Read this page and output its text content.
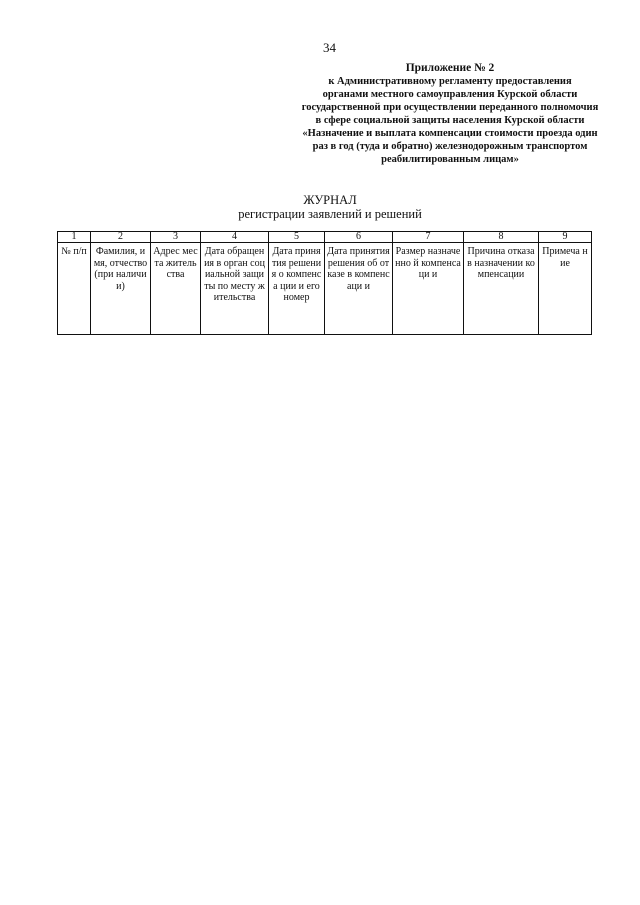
34
Приложение № 2
к Административному регламенту предоставления
органами местного самоуправления Курской области
государственной при осуществлении переданного полномочия
в сфере социальной защиты населения Курской области
«Назначение и выплата компенсации стоимости проезда один
раз в год (туда и обратно) железнодорожным транспортом
реабилитированным лицам»
ЖУРНАЛ
регистрации заявлений и решений
1	2	3	4	5	6	7	8	9
№ п/п	Фамилия, имя, отчество (при наличии)	Адрес места житель ства	Дата обращения в орган социальной защиты по месту жительства	Дата принятия решения о компенса ции и его номер	Дата принятия решения об отказе в компенсаци и	Размер назначенно й компенсаци и	Причина отказа в назначении компенсации	Примеча ние
